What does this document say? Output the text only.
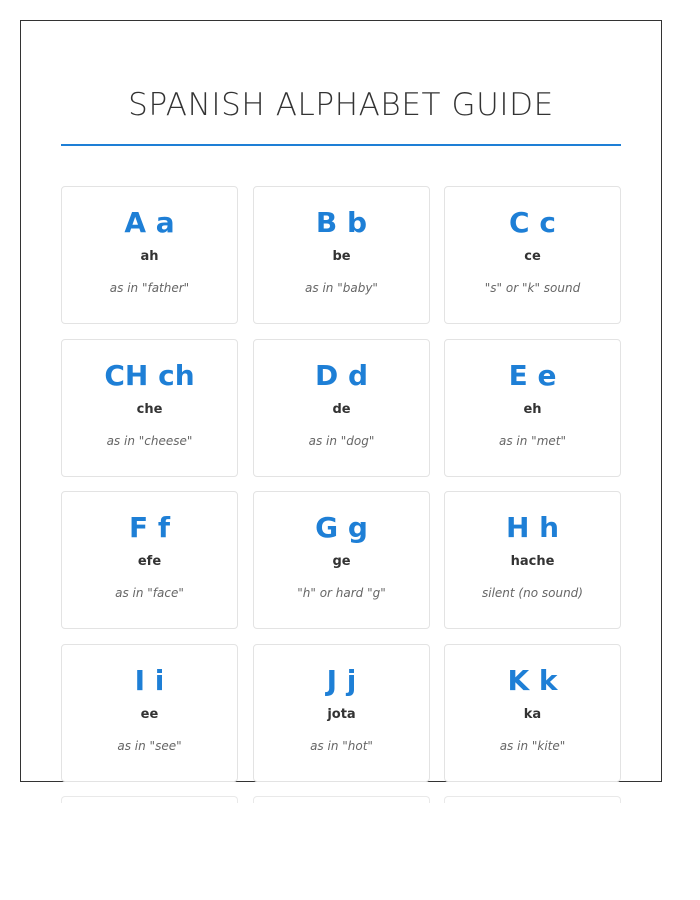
SPANISH ALPHABET GUIDE
A a
ah
as in "father"
B b
be
as in "baby"
C c
ce
"s" or "k" sound
CH ch
che
as in "cheese"
D d
de
as in "dog"
E e
eh
as in "met"
F f
efe
as in "face"
G g
ge
"h" or hard "g"
H h
hache
silent (no sound)
I i
ee
as in "see"
J j
jota
as in "hot"
K k
ka
as in "kite"
